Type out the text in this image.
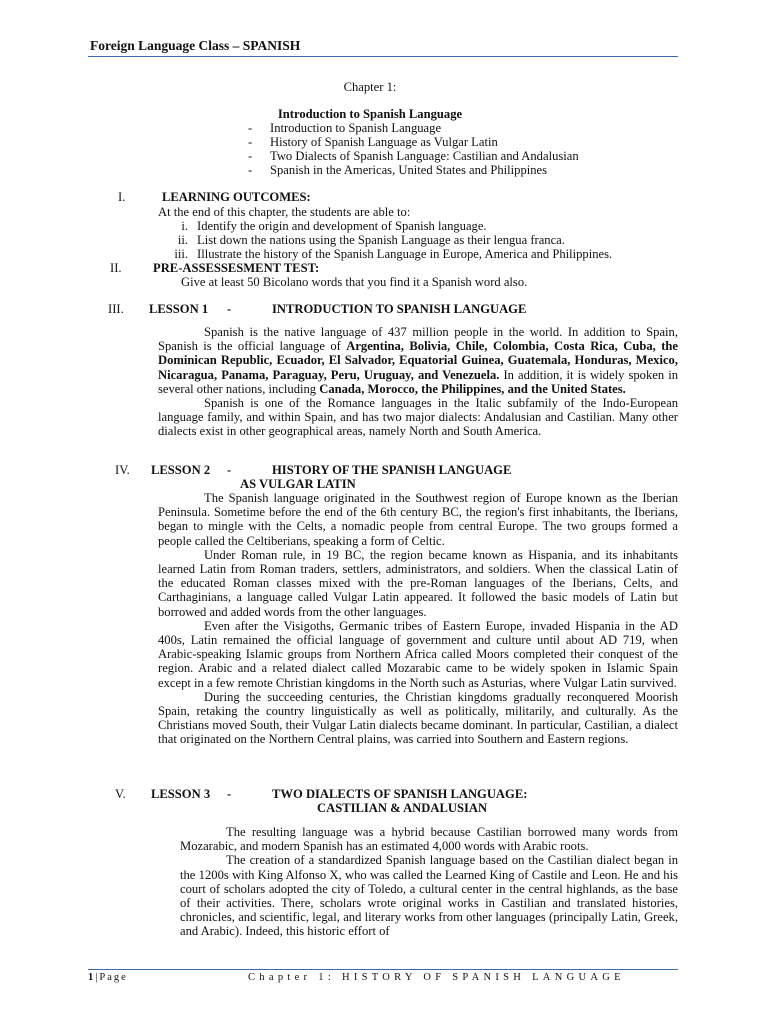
Foreign Language Class – SPANISH
Chapter 1:
Introduction to Spanish Language
- Introduction to Spanish Language
- History of Spanish Language as Vulgar Latin
- Two Dialects of Spanish Language: Castilian and Andalusian
- Spanish in the Americas, United States and Philippines
I.	LEARNING OUTCOMES:
At the end of this chapter, the students are able to:
i. Identify the origin and development of Spanish language.
ii. List down the nations using the Spanish Language as their lengua franca.
iii. Illustrate the history of the Spanish Language in Europe, America and Philippines.
II. PRE-ASSESSESMENT TEST:
Give at least 50 Bicolano words that you find it a Spanish word also.
III. LESSON 1 -	INTRODUCTION TO SPANISH LANGUAGE

Spanish is the native language of 437 million people in the world. In addition to Spain, Spanish is the official language of Argentina, Bolivia, Chile, Colombia, Costa Rica, Cuba, the Dominican Republic, Ecuador, El Salvador, Equatorial Guinea, Guatemala, Honduras, Mexico, Nicaragua, Panama, Paraguay, Peru, Uruguay, and Venezuela. In addition, it is widely spoken in several other nations, including Canada, Morocco, the Philippines, and the United States.

Spanish is one of the Romance languages in the Italic subfamily of the Indo-European language family, and within Spain, and has two major dialects: Andalusian and Castilian. Many other dialects exist in other geographical areas, namely North and South America.

IV. LESSON 2 -	HISTORY OF THE SPANISH LANGUAGE
AS VULGAR LATIN

The Spanish language originated in the Southwest region of Europe known as the Iberian Peninsula. Sometime before the end of the 6th century BC, the region's first inhabitants, the Iberians, began to mingle with the Celts, a nomadic people from central Europe. The two groups formed a people called the Celtiberians, speaking a form of Celtic.

Under Roman rule, in 19 BC, the region became known as Hispania, and its inhabitants learned Latin from Roman traders, settlers, administrators, and soldiers. When the classical Latin of the educated Roman classes mixed with the pre-Roman languages of the Iberians, Celts, and Carthaginians, a language called Vulgar Latin appeared. It followed the basic models of Latin but borrowed and added words from the other languages.

Even after the Visigoths, Germanic tribes of Eastern Europe, invaded Hispania in the AD 400s, Latin remained the official language of government and culture until about AD 719, when Arabic-speaking Islamic groups from Northern Africa called Moors completed their conquest of the region. Arabic and a related dialect called Mozarabic came to be widely spoken in Islamic Spain except in a few remote Christian kingdoms in the North such as Asturias, where Vulgar Latin survived.

During the succeeding centuries, the Christian kingdoms gradually reconquered Moorish Spain, retaking the country linguistically as well as politically, militarily, and culturally. As the Christians moved South, their Vulgar Latin dialects became dominant. In particular, Castilian, a dialect that originated on the Northern Central plains, was carried into Southern and Eastern regions.

V. LESSON 3 -	TWO DIALECTS OF SPANISH LANGUAGE:
CASTILIAN & ANDALUSIAN

The resulting language was a hybrid because Castilian borrowed many words from Mozarabic, and modern Spanish has an estimated 4,000 words with Arabic roots.

The creation of a standardized Spanish language based on the Castilian dialect began in the 1200s with King Alfonso X, who was called the Learned King of Castile and Leon. He and his court of scholars adopted the city of Toledo, a cultural center in the central highlands, as the base of their activities. There, scholars wrote original works in Castilian and translated histories, chronicles, and scientific, legal, and literary works from other languages (principally Latin, Greek, and Arabic). Indeed, this historic effort of

1|Page	Chapter 1: HISTORY OF SPANISH LANGUAGE
